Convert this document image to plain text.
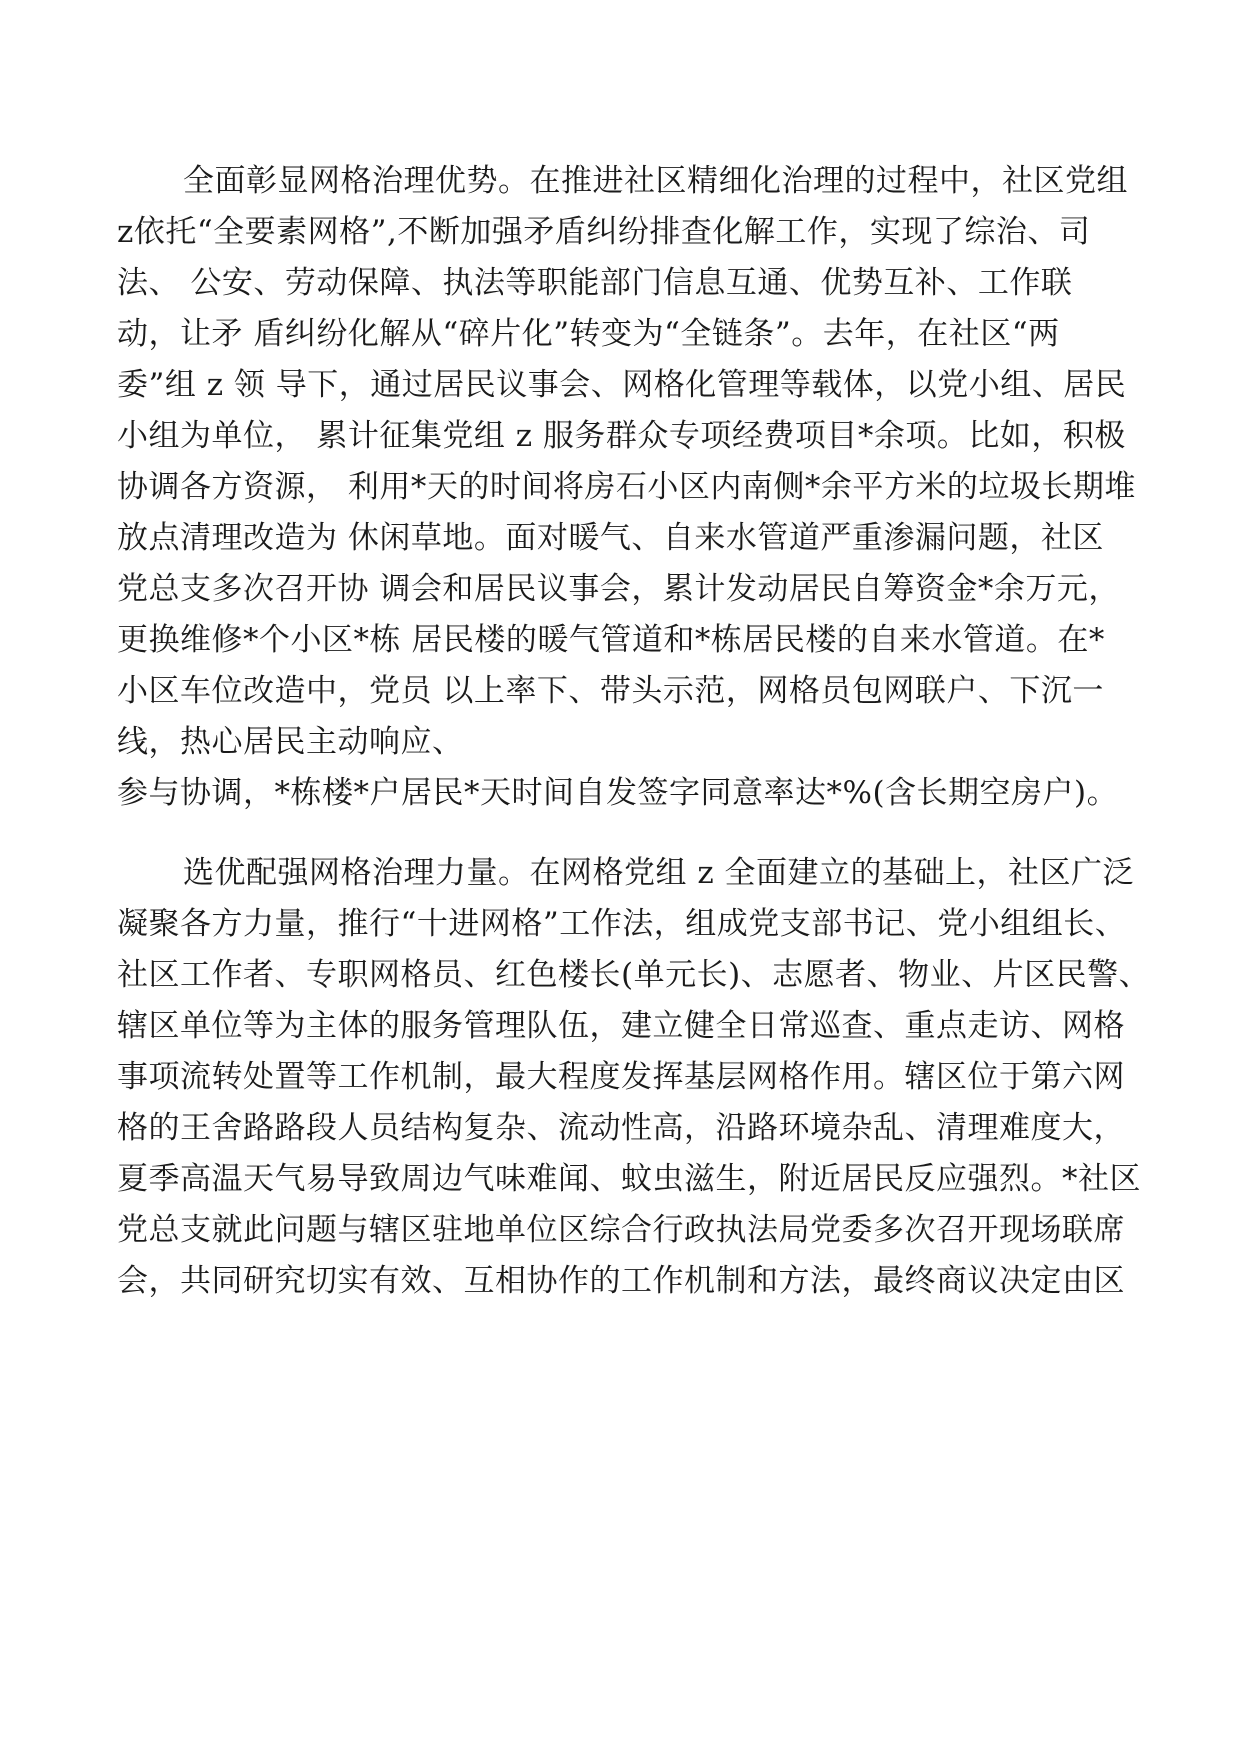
全面彰显网格治理优势。在推进社区精细化治理的过程中，社区党组
z依托“全要素网格”,不断加强矛盾纠纷排查化解工作，实现了综治、司
法、 公安、劳动保障、执法等职能部门信息互通、优势互补、工作联
动，让矛 盾纠纷化解从“碎片化”转变为“全链条”。去年，在社区“两
委”组 z 领 导下，通过居民议事会、网格化管理等载体，以党小组、居民
小组为单位， 累计征集党组 z 服务群众专项经费项目*余项。比如，积极
协调各方资源， 利用*天的时间将房石小区内南侧*余平方米的垃圾长期堆
放点清理改造为 休闲草地。面对暖气、自来水管道严重渗漏问题，社区
党总支多次召开协 调会和居民议事会，累计发动居民自筹资金*余万元，
更换维修*个小区*栋 居民楼的暖气管道和*栋居民楼的自来水管道。在*
小区车位改造中，党员 以上率下、带头示范，网格员包网联户、下沉一
线，热心居民主动响应、
参与协调，*栋楼*户居民*天时间自发签字同意率达*%(含长期空房户)。
选优配强网格治理力量。在网格党组 z 全面建立的基础上，社区广泛
凝聚各方力量，推行“十进网格”工作法，组成党支部书记、党小组组长、
社区工作者、专职网格员、红色楼长(单元长)、志愿者、物业、片区民警、
辖区单位等为主体的服务管理队伍，建立健全日常巡查、重点走访、网格
事项流转处置等工作机制，最大程度发挥基层网格作用。辖区位于第六网
格的王舍路路段人员结构复杂、流动性高，沿路环境杂乱、清理难度大，
夏季高温天气易导致周边气味难闻、蚊虫滋生，附近居民反应强烈。*社区
党总支就此问题与辖区驻地单位区综合行政执法局党委多次召开现场联席
会，共同研究切实有效、互相协作的工作机制和方法，最终商议决定由区
